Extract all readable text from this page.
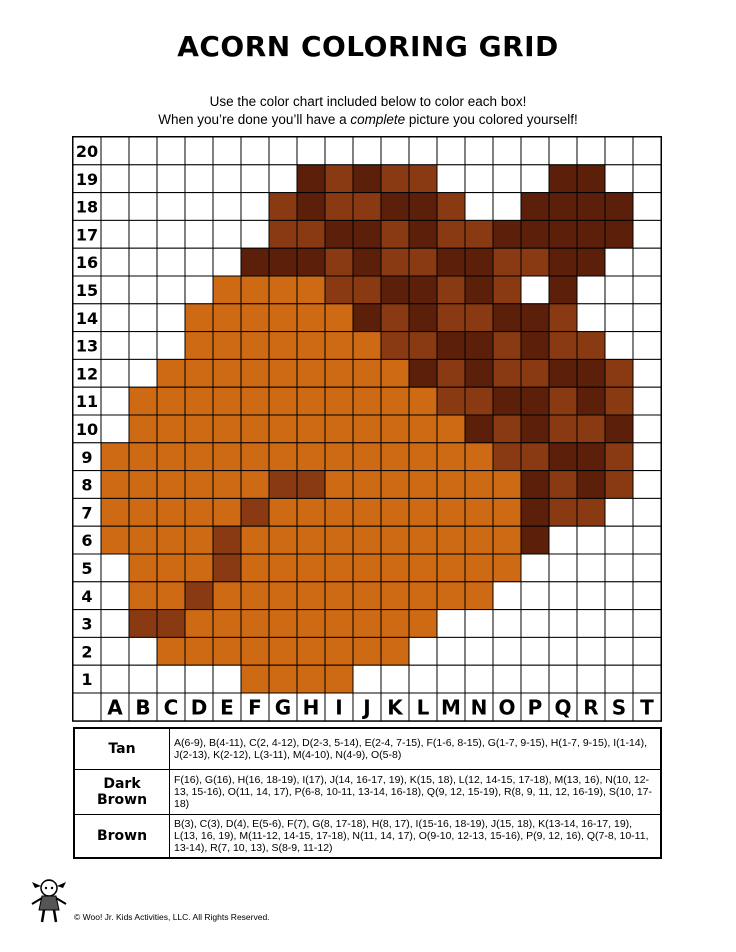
ACORN COLORING GRID
Use the color chart included below to color each box!
When you’re done you’ll have a complete picture you colored yourself!
20
19
18
17
16
15
14
13
12
11
10
9
8
7
6
5
4
3
2
1
A B C D E F G H I J K L M N O P Q R S T
Tan	A(6-9), B(4-11), C(2, 4-12), D(2-3, 5-14), E(2-4, 7-15), F(1-6, 8-15), G(1-7, 9-15), H(1-7, 9-15), I(1-14), J(2-13), K(2-12), L(3-11), M(4-10), N(4-9), O(5-8)
Dark Brown	F(16), G(16), H(16, 18-19), I(17), J(14, 16-17, 19), K(15, 18), L(12, 14-15, 17-18), M(13, 16), N(10, 12-13, 15-16), O(11, 14, 17), P(6-8, 10-11, 13-14, 16-18), Q(9, 12, 15-19), R(8, 9, 11, 12, 16-19), S(10, 17-18)
Brown	B(3), C(3), D(4), E(5-6), F(7), G(8, 17-18), H(8, 17), I(15-16, 18-19), J(15, 18), K(13-14, 16-17, 19), L(13, 16, 19), M(11-12, 14-15, 17-18), N(11, 14, 17), O(9-10, 12-13, 15-16), P(9, 12, 16), Q(7-8, 10-11, 13-14), R(7, 10, 13), S(8-9, 11-12)
© Woo! Jr. Kids Activities, LLC. All Rights Reserved.
